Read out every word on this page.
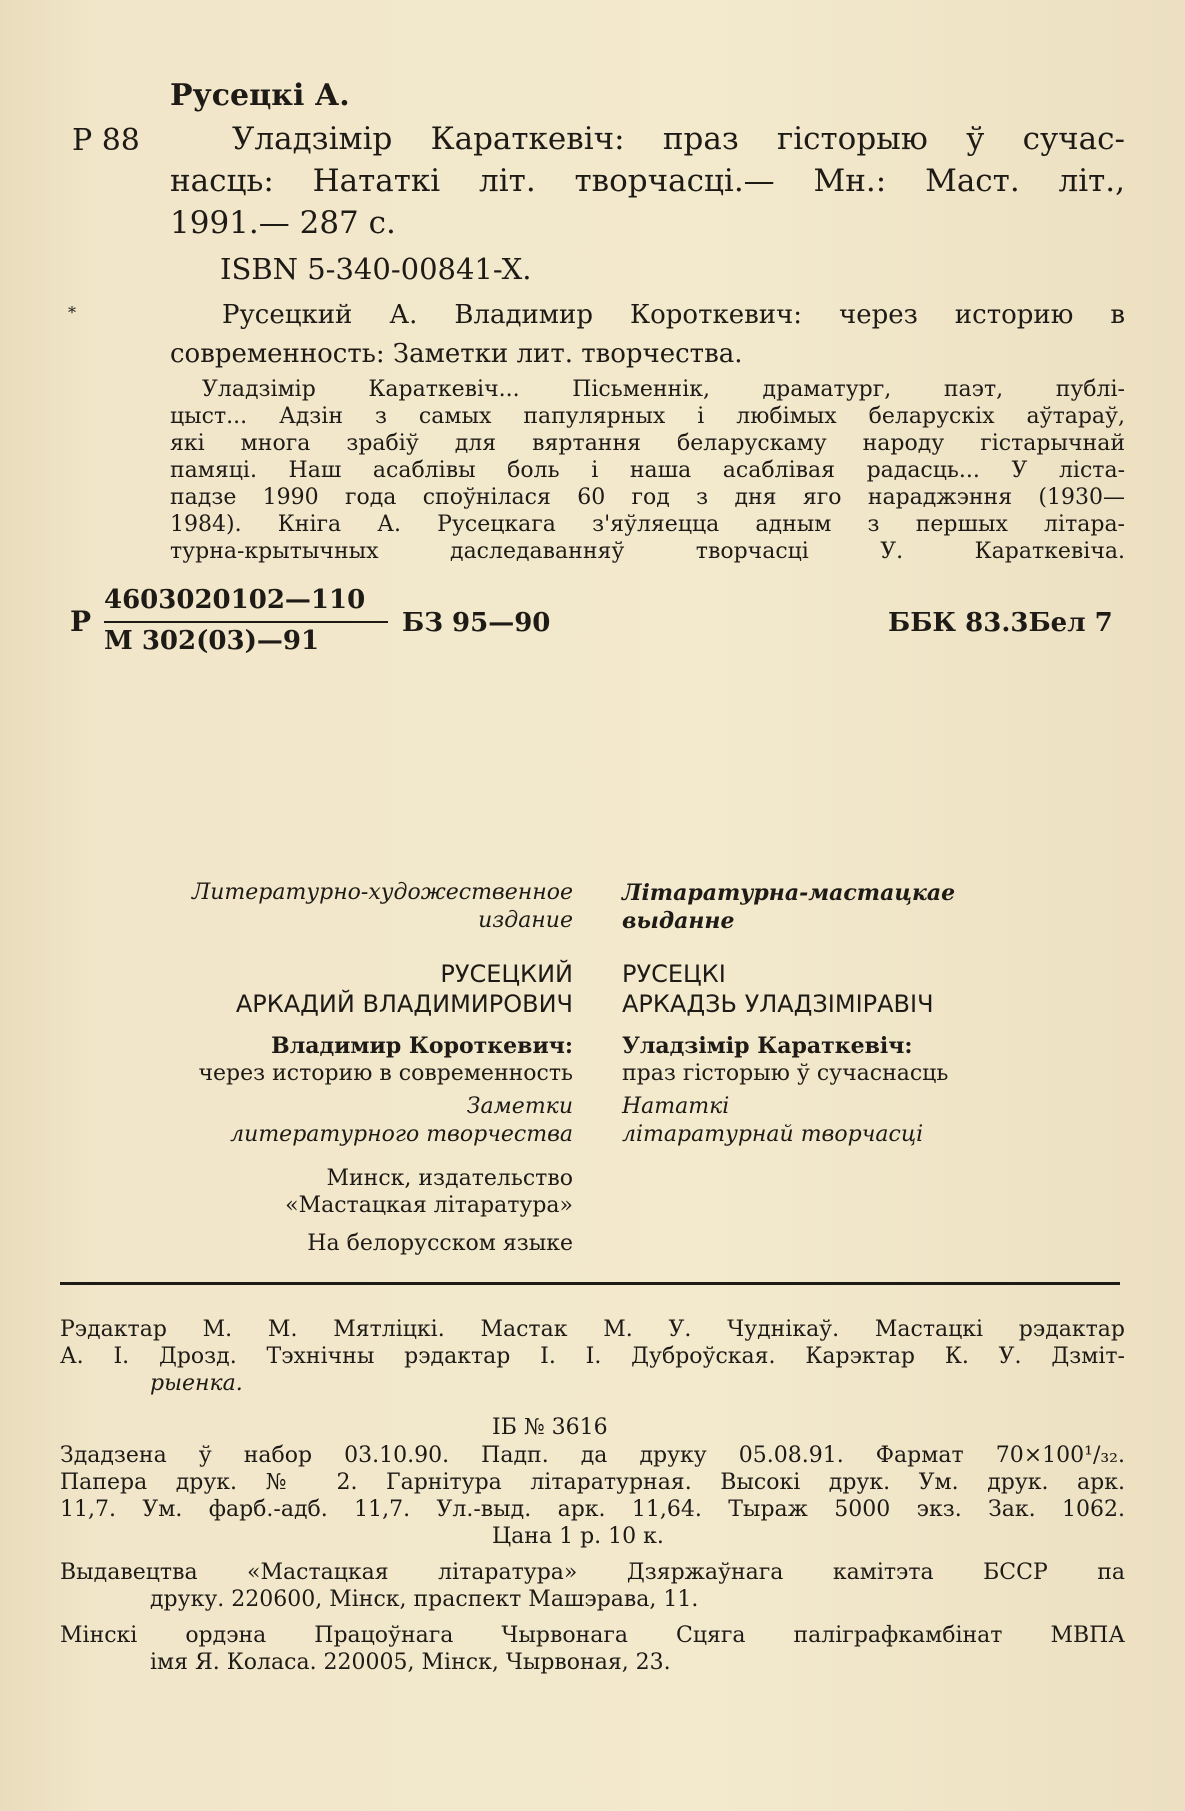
Русецкі А.
Р 88	Уладзімір Караткевіч: праз гісторыю ў сучас-
насць: Нататкі літ. творчасці.— Мн.: Маст. літ.,
1991.— 287 с.
ISBN 5-340-00841-X.
*	Русецкий А. Владимир Короткевич: через историю в
современность: Заметки лит. творчества.
Уладзімір Караткевіч... Пісьменнік, драматург, паэт, публі-
цыст... Адзін з самых папулярных і любімых беларускіх аўтараў,
які многа зрабіў для вяртання беларускаму народу гістарычнай
памяці. Наш асаблівы боль і наша асаблівая радасць... У ліста-
падзе 1990 года споўнілася 60 год з дня яго нараджэння (1930—
1984). Кніга А. Русецкага з'яўляецца адным з першых літара-
турна-крытычных даследаванняў творчасці У. Караткевіча.
Р
4603020102—110
М 302(03)—91
БЗ 95—90	ББК 83.3Бел 7
Литературно-художественное
издание
РУСЕЦКИЙ
АРКАДИЙ ВЛАДИМИРОВИЧ
Владимир Короткевич:
через историю в современность
Заметки
литературного творчества
Минск, издательство
«Мастацкая літаратура»
На белорусском языке
Літаратурна-мастацкае
выданне
РУСЕЦКІ
АРКАДЗЬ УЛАДЗІМІРАВІЧ
Уладзімір Караткевіч:
праз гісторыю ў сучаснасць
Нататкі
літаратурнай творчасці
Рэдактар М. М. Мятліцкі. Мастак М. У. Чуднікаў. Мастацкі рэдактар
А. І. Дрозд. Тэхнічны рэдактар І. І. Дуброўская. Карэктар К. У. Дзміт-
рыенка.
ІБ № 3616
Здадзена ў набор 03.10.90. Падп. да друку 05.08.91. Фармат 70×100¹/₃₂.
Папера друк. № 2. Гарнітура літаратурная. Высокі друк. Ум. друк. арк.
11,7. Ум. фарб.-адб. 11,7. Ул.-выд. арк. 11,64. Тыраж 5000 экз. Зак. 1062.
Цана 1 р. 10 к.
Выдавецтва «Мастацкая літаратура» Дзяржаўнага камітэта БССР па
друку. 220600, Мінск, праспект Машэрава, 11.
Мінскі ордэна Працоўнага Чырвонага Сцяга паліграфкамбінат МВПА
імя Я. Коласа. 220005, Мінск, Чырвоная, 23.
